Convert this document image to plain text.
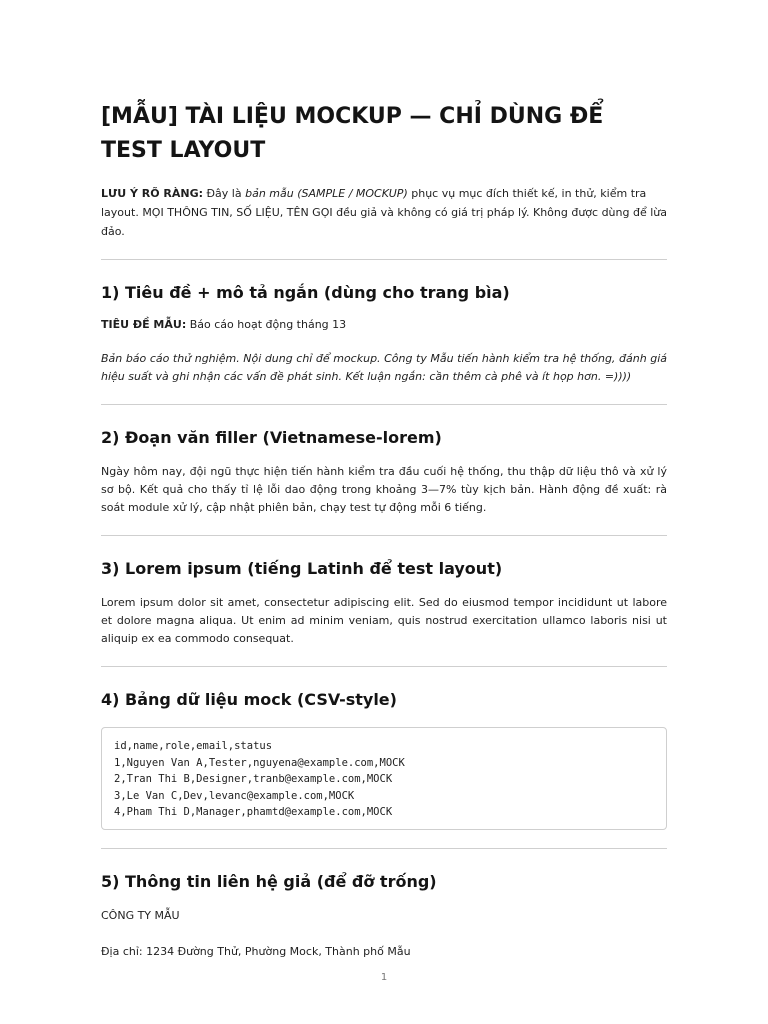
[MẪU] TÀI LIỆU MOCKUP — CHỈ DÙNG ĐỂ TEST LAYOUT
LƯU Ý RÕ RÀNG: Đây là bản mẫu (SAMPLE / MOCKUP) phục vụ mục đích thiết kế, in thử, kiểm tra layout. MỌI THÔNG TIN, SỐ LIỆU, TÊN GỌI đều giả và không có giá trị pháp lý. Không được dùng để lừa đảo.
1) Tiêu đề + mô tả ngắn (dùng cho trang bìa)

TIÊU ĐỀ MẪU: Báo cáo hoạt động tháng 13

Bản báo cáo thử nghiệm. Nội dung chỉ để mockup. Công ty Mẫu tiến hành kiểm tra hệ thống, đánh giá hiệu suất và ghi nhận các vấn đề phát sinh. Kết luận ngắn: cần thêm cà phê và ít họp hơn. =))))

2) Đoạn văn filler (Vietnamese-lorem)

Ngày hôm nay, đội ngũ thực hiện tiến hành kiểm tra đầu cuối hệ thống, thu thập dữ liệu thô và xử lý sơ bộ. Kết quả cho thấy tỉ lệ lỗi dao động trong khoảng 3—7% tùy kịch bản. Hành động đề xuất: rà soát module xử lý, cập nhật phiên bản, chạy test tự động mỗi 6 tiếng.

3) Lorem ipsum (tiếng Latinh để test layout)

Lorem ipsum dolor sit amet, consectetur adipiscing elit. Sed do eiusmod tempor incididunt ut labore et dolore magna aliqua. Ut enim ad minim veniam, quis nostrud exercitation ullamco laboris nisi ut aliquip ex ea commodo consequat.

4) Bảng dữ liệu mock (CSV-style)
id,name,role,email,status
1,Nguyen Van A,Tester,nguyena@example.com,MOCK
2,Tran Thi B,Designer,tranb@example.com,MOCK
3,Le Van C,Dev,levanc@example.com,MOCK
4,Pham Thi D,Manager,phamtd@example.com,MOCK
5) Thông tin liên hệ giả (để đỡ trống)

CÔNG TY MẪU

Địa chỉ: 1234 Đường Thử, Phường Mock, Thành phố Mẫu

1
